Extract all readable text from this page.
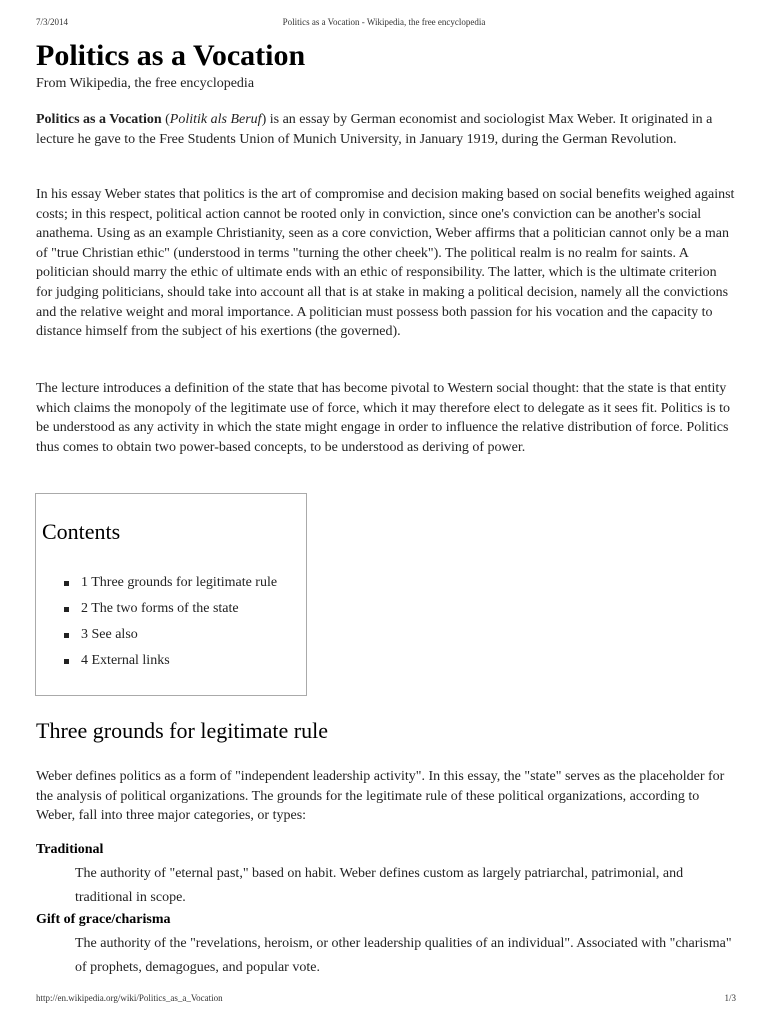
7/3/2014	Politics as a Vocation - Wikipedia, the free encyclopedia
Politics as a Vocation
From Wikipedia, the free encyclopedia

Politics as a Vocation (Politik als Beruf) is an essay by German economist and sociologist Max Weber. It originated in a lecture he gave to the Free Students Union of Munich University, in January 1919, during the German Revolution.

In his essay Weber states that politics is the art of compromise and decision making based on social benefits weighed against costs; in this respect, political action cannot be rooted only in conviction, since one's conviction can be another's social anathema. Using as an example Christianity, seen as a core conviction, Weber affirms that a politician cannot only be a man of "true Christian ethic" (understood in terms "turning the other cheek"). The political realm is no realm for saints. A politician should marry the ethic of ultimate ends with an ethic of responsibility. The latter, which is the ultimate criterion for judging politicians, should take into account all that is at stake in making a political decision, namely all the convictions and the relative weight and moral importance. A politician must possess both passion for his vocation and the capacity to distance himself from the subject of his exertions (the governed).

The lecture introduces a definition of the state that has become pivotal to Western social thought: that the state is that entity which claims the monopoly of the legitimate use of force, which it may therefore elect to delegate as it sees fit. Politics is to be understood as any activity in which the state might engage in order to influence the relative distribution of force. Politics thus comes to obtain two power-based concepts, to be understood as deriving of power.

Contents
1 Three grounds for legitimate rule
2 The two forms of the state
3 See also
4 External links
Three grounds for legitimate rule

Weber defines politics as a form of "independent leadership activity". In this essay, the "state" serves as the placeholder for the analysis of political organizations. The grounds for the legitimate rule of these political organizations, according to Weber, fall into three major categories, or types:

Traditional
The authority of "eternal past," based on habit. Weber defines custom as largely patriarchal, patrimonial, and traditional in scope.
Gift of grace/charisma
The authority of the "revelations, heroism, or other leadership qualities of an individual". Associated with "charisma" of prophets, demagogues, and popular vote.
http://en.wikipedia.org/wiki/Politics_as_a_Vocation	1/3
